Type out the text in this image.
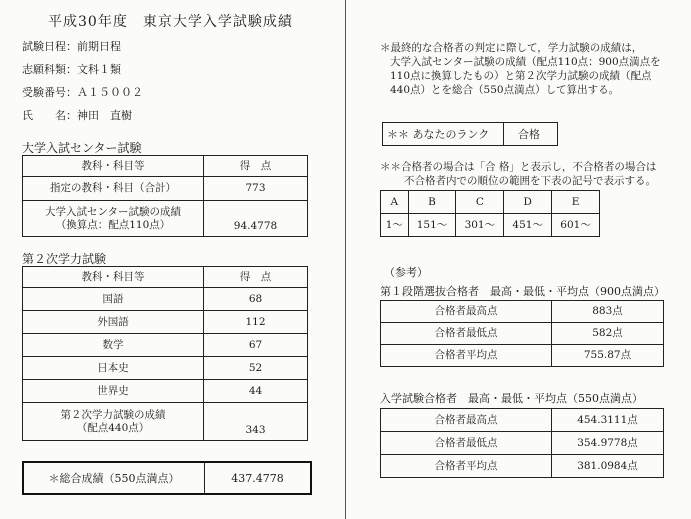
平成30年度　東京大学入学試験成績
試験日程：前期日程
志願科類：文科１類
受験番号：Ａ１５００２
氏　　名：神田　直樹
大学入試センター試験
教科・科目等	得　点
指定の教科・科目（合計）	773

大学入試センター試験の成績
（換算点：配点110点）	94.4778
第２次学力試験
教科・科目等	得　点
国語	68
外国語	112
数学	67
日本史	52
世界史	44

第２次学力試験の成績
（配点440点）	343
＊総合成績（550点満点）	437.4778
＊最終的な合格者の判定に際して，学力試験の成績は，
大学入試センター試験の成績（配点110点：900点満点を
110点に換算したもの）と第２次学力試験の成績（配点
440点）とを総合（550点満点）して算出する。
＊＊ あなたのランク	合格
＊＊合格者の場合は「合 格」と表示し，不合格者の場合は
不合格者内での順位の範囲を下表の記号で表示する。
A	B	C	D	E
1〜	151〜	301〜	451〜	601〜
（参考）
第１段階選抜合格者　最高・最低・平均点（900点満点）
合格者最高点	883点
合格者最低点	582点
合格者平均点	755.87点
入学試験合格者　最高・最低・平均点（550点満点）
合格者最高点	454.3111点
合格者最低点	354.9778点
合格者平均点	381.0984点
